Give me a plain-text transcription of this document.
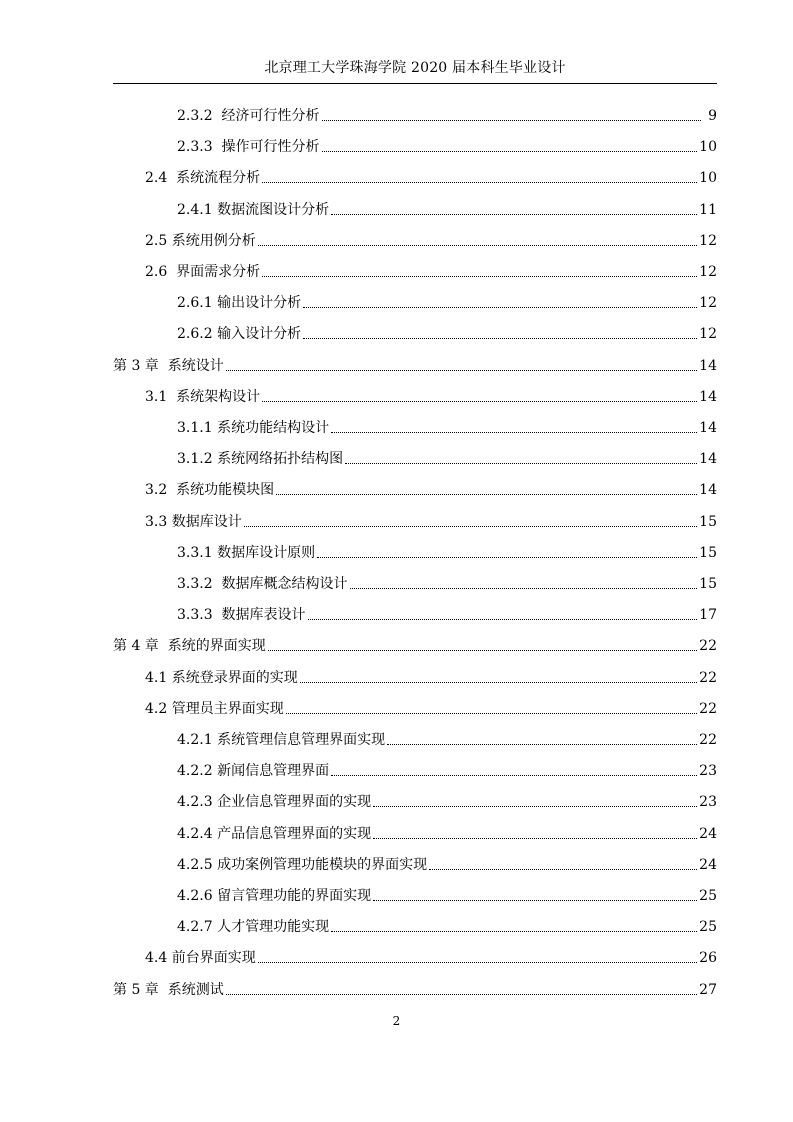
北京理工大学珠海学院 2020 届本科生毕业设计
2.3.2  经济可行性分析	9
2.3.3  操作可行性分析	10
2.4  系统流程分析	10
2.4.1 数据流图设计分析	11
2.5 系统用例分析	12
2.6  界面需求分析	12
2.6.1 输出设计分析	12
2.6.2 输入设计分析	12
第 3 章  系统设计	14
3.1  系统架构设计	14
3.1.1 系统功能结构设计	14
3.1.2 系统网络拓扑结构图	14
3.2  系统功能模块图	14
3.3 数据库设计	15
3.3.1 数据库设计原则	15
3.3.2  数据库概念结构设计	15
3.3.3  数据库表设计	17
第 4 章  系统的界面实现	22
4.1 系统登录界面的实现	22
4.2 管理员主界面实现	22
4.2.1 系统管理信息管理界面实现	22
4.2.2 新闻信息管理界面	23
4.2.3 企业信息管理界面的实现	23
4.2.4 产品信息管理界面的实现	24
4.2.5 成功案例管理功能模块的界面实现	24
4.2.6 留言管理功能的界面实现	25
4.2.7 人才管理功能实现	25
4.4 前台界面实现	26
第 5 章  系统测试	27
2
